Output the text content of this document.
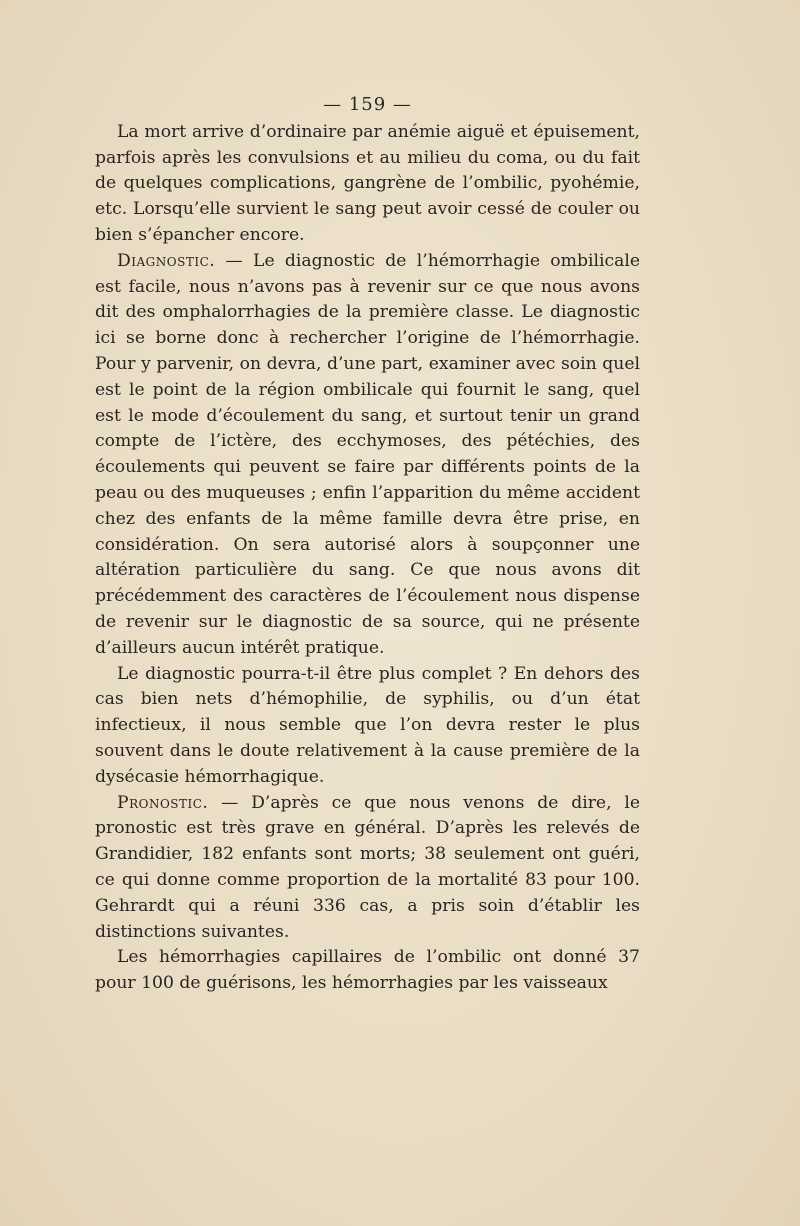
— 159 —

La mort arrive d’ordinaire par anémie aiguë et épuisement, parfois après les convulsions et au milieu du coma, ou du fait de quelques complications, gangrène de l’ombilic, pyohémie, etc. Lorsqu’elle survient le sang peut avoir cessé de couler ou bien s’épancher encore.

Diagnostic. — Le diagnostic de l’hémorrhagie ombilicale est facile, nous n’avons pas à revenir sur ce que nous avons dit des omphalorrhagies de la première classe. Le diagnostic ici se borne donc à rechercher l’origine de l’hémorrhagie. Pour y parvenir, on devra, d’une part, examiner avec soin quel est le point de la région ombilicale qui fournit le sang, quel est le mode d’écoulement du sang, et surtout tenir un grand compte de l’ictère, des ecchymoses, des pétéchies, des écoulements qui peuvent se faire par différents points de la peau ou des muqueuses ; enfin l’apparition du même accident chez des enfants de la même famille devra être prise, en considération. On sera autorisé alors à soupçonner une altération particulière du sang. Ce que nous avons dit précédemment des caractères de l’écoulement nous dispense de revenir sur le diagnostic de sa source, qui ne présente d’ailleurs aucun intérêt pratique.

Le diagnostic pourra-t-il être plus complet ? En dehors des cas bien nets d’hémophilie, de syphilis, ou d’un état infectieux, il nous semble que l’on devra rester le plus souvent dans le doute relativement à la cause première de la dysécasie hémorrhagique.

Pronostic. — D’après ce que nous venons de dire, le pronostic est très grave en général. D’après les relevés de Grandidier, 182 enfants sont morts; 38 seulement ont guéri, ce qui donne comme proportion de la mortalité 83 pour 100. Gehrardt qui a réuni 336 cas, a pris soin d’établir les distinctions suivantes.

Les hémorrhagies capillaires de l’ombilic ont donné 37 pour 100 de guérisons, les hémorrhagies par les vaisseaux
